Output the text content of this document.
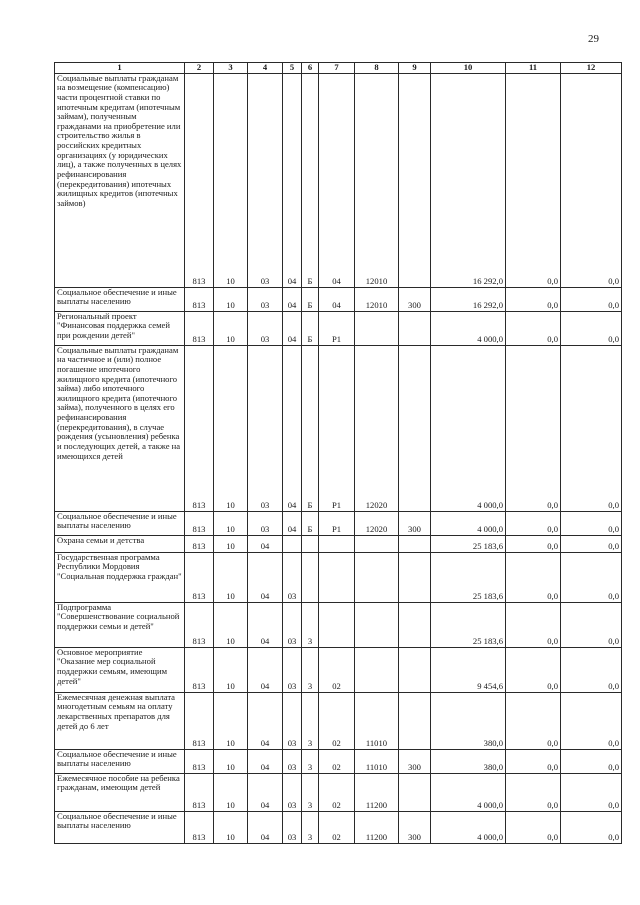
29
1	2	3	4	5	6	7	8	9	10	11	12
Социальные выплаты гражданам на возмещение (компенсацию) части процентной ставки по ипотечным кредитам (ипотечным займам), полученным гражданами на приобретение или строительство жилья в российских кредитных организациях (у юридических лиц), а также полученных в целях рефинансирования (перекредитования) ипотечных жилищных кредитов (ипотечных займов)	813	10	03	04	Б	04	12010		16 292,0	0,0	0,0
Социальное обеспечение и иные выплаты населению	813	10	03	04	Б	04	12010	300	16 292,0	0,0	0,0
Региональный проект "Финансовая поддержка семей при рождении детей"	813	10	03	04	Б	Р1			4 000,0	0,0	0,0
Социальные выплаты гражданам на частичное и (или) полное погашение ипотечного жилищного кредита (ипотечного займа) либо ипотечного жилищного кредита (ипотечного займа), полученного в целях его рефинансирования (перекредитования), в случае рождения (усыновления) ребенка и последующих детей, а также на имеющихся детей	813	10	03	04	Б	Р1	12020		4 000,0	0,0	0,0
Социальное обеспечение и иные выплаты населению	813	10	03	04	Б	Р1	12020	300	4 000,0	0,0	0,0
Охрана семьи и детства	813	10	04						25 183,6	0,0	0,0
Государственная программа Республики Мордовия "Социальная поддержка граждан"	813	10	04	03					25 183,6	0,0	0,0
Подпрограмма "Совершенствование социальной поддержки семьи и детей"	813	10	04	03	3				25 183,6	0,0	0,0
Основное мероприятие "Оказание мер социальной поддержки семьям, имеющим детей"	813	10	04	03	3	02			9 454,6	0,0	0,0
Ежемесячная денежная выплата многодетным семьям на оплату лекарственных препаратов для детей до 6 лет	813	10	04	03	3	02	11010		380,0	0,0	0,0
Социальное обеспечение и иные выплаты населению	813	10	04	03	3	02	11010	300	380,0	0,0	0,0
Ежемесячное пособие на ребенка гражданам, имеющим детей	813	10	04	03	3	02	11200		4 000,0	0,0	0,0
Социальное обеспечение и иные выплаты населению	813	10	04	03	3	02	11200	300	4 000,0	0,0	0,0
